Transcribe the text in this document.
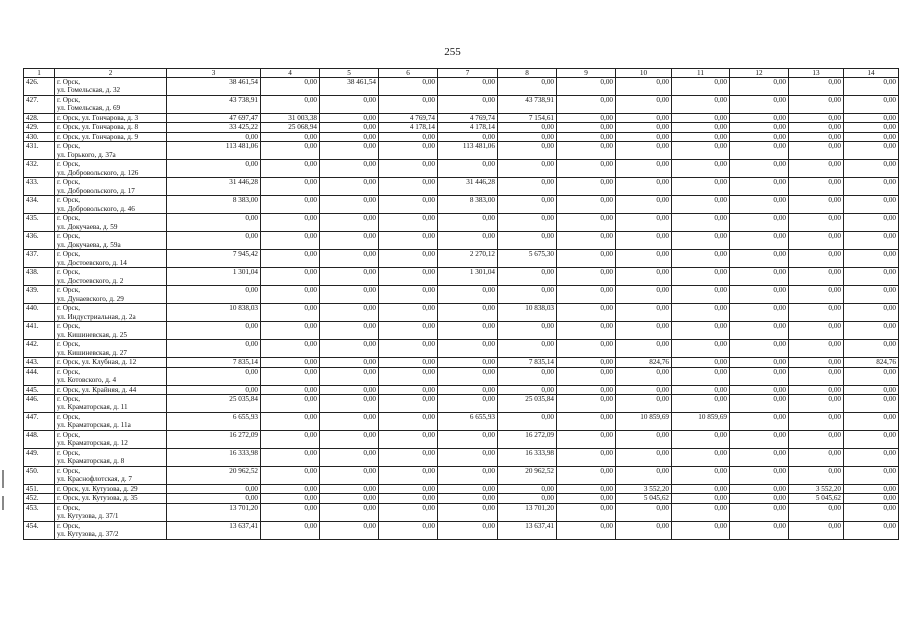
255
1	2	3	4	5	6	7	8	9	10	11	12	13	14
426.	г. Орск,
ул. Гомельская, д. 32	38 461,54	0,00	38 461,54	0,00	0,00	0,00	0,00	0,00	0,00	0,00	0,00	0,00
427.	г. Орск,
ул. Гомельская, д. 69	43 738,91	0,00	0,00	0,00	0,00	43 738,91	0,00	0,00	0,00	0,00	0,00	0,00
428.	г. Орск, ул. Гончарова, д. 3	47 697,47	31 003,38	0,00	4 769,74	4 769,74	7 154,61	0,00	0,00	0,00	0,00	0,00	0,00
429.	г. Орск, ул. Гончарова, д. 8	33 425,22	25 068,94	0,00	4 178,14	4 178,14	0,00	0,00	0,00	0,00	0,00	0,00	0,00
430.	г. Орск, ул. Гончарова, д. 9	0,00	0,00	0,00	0,00	0,00	0,00	0,00	0,00	0,00	0,00	0,00	0,00
431.	г. Орск,
ул. Горького, д. 37а	113 481,06	0,00	0,00	0,00	113 481,06	0,00	0,00	0,00	0,00	0,00	0,00	0,00
432.	г. Орск,
ул. Добровольского, д. 126	0,00	0,00	0,00	0,00	0,00	0,00	0,00	0,00	0,00	0,00	0,00	0,00
433.	г. Орск,
ул. Добровольского, д. 17	31 446,28	0,00	0,00	0,00	31 446,28	0,00	0,00	0,00	0,00	0,00	0,00	0,00
434.	г. Орск,
ул. Добровольского, д. 46	8 383,00	0,00	0,00	0,00	8 383,00	0,00	0,00	0,00	0,00	0,00	0,00	0,00
435.	г. Орск,
ул. Докучаева, д. 59	0,00	0,00	0,00	0,00	0,00	0,00	0,00	0,00	0,00	0,00	0,00	0,00
436.	г. Орск,
ул. Докучаева, д. 59а	0,00	0,00	0,00	0,00	0,00	0,00	0,00	0,00	0,00	0,00	0,00	0,00
437.	г. Орск,
ул. Достоевского, д. 14	7 945,42	0,00	0,00	0,00	2 270,12	5 675,30	0,00	0,00	0,00	0,00	0,00	0,00
438.	г. Орск,
ул. Достоевского, д. 2	1 301,04	0,00	0,00	0,00	1 301,04	0,00	0,00	0,00	0,00	0,00	0,00	0,00
439.	г. Орск,
ул. Дунаевского, д. 29	0,00	0,00	0,00	0,00	0,00	0,00	0,00	0,00	0,00	0,00	0,00	0,00
440.	г. Орск,
ул. Индустриальная, д. 2а	10 838,03	0,00	0,00	0,00	0,00	10 838,03	0,00	0,00	0,00	0,00	0,00	0,00
441.	г. Орск,
ул. Кишиневская, д. 25	0,00	0,00	0,00	0,00	0,00	0,00	0,00	0,00	0,00	0,00	0,00	0,00
442.	г. Орск,
ул. Кишиневская, д. 27	0,00	0,00	0,00	0,00	0,00	0,00	0,00	0,00	0,00	0,00	0,00	0,00
443.	г. Орск, ул. Клубная, д. 12	7 835,14	0,00	0,00	0,00	0,00	7 835,14	0,00	824,76	0,00	0,00	0,00	824,76
444.	г. Орск,
ул. Котовского, д. 4	0,00	0,00	0,00	0,00	0,00	0,00	0,00	0,00	0,00	0,00	0,00	0,00
445.	г. Орск, ул. Крайняя, д. 44	0,00	0,00	0,00	0,00	0,00	0,00	0,00	0,00	0,00	0,00	0,00	0,00
446.	г. Орск,
ул. Краматорская, д. 11	25 035,84	0,00	0,00	0,00	0,00	25 035,84	0,00	0,00	0,00	0,00	0,00	0,00
447.	г. Орск,
ул. Краматорская, д. 11а	6 655,93	0,00	0,00	0,00	6 655,93	0,00	0,00	10 859,69	10 859,69	0,00	0,00	0,00
448.	г. Орск,
ул. Краматорская, д. 12	16 272,09	0,00	0,00	0,00	0,00	16 272,09	0,00	0,00	0,00	0,00	0,00	0,00
449.	г. Орск,
ул. Краматорская, д. 8	16 333,98	0,00	0,00	0,00	0,00	16 333,98	0,00	0,00	0,00	0,00	0,00	0,00
450.	г. Орск,
ул. Краснофлотская, д. 7	20 962,52	0,00	0,00	0,00	0,00	20 962,52	0,00	0,00	0,00	0,00	0,00	0,00
451.	г. Орск, ул. Кутузова, д. 29	0,00	0,00	0,00	0,00	0,00	0,00	0,00	3 552,20	0,00	0,00	3 552,20	0,00
452.	г. Орск, ул. Кутузова, д. 35	0,00	0,00	0,00	0,00	0,00	0,00	0,00	5 045,62	0,00	0,00	5 045,62	0,00
453.	г. Орск,
ул. Кутузова, д. 37/1	13 701,20	0,00	0,00	0,00	0,00	13 701,20	0,00	0,00	0,00	0,00	0,00	0,00
454.	г. Орск,
ул. Кутузова, д. 37/2	13 637,41	0,00	0,00	0,00	0,00	13 637,41	0,00	0,00	0,00	0,00	0,00	0,00
